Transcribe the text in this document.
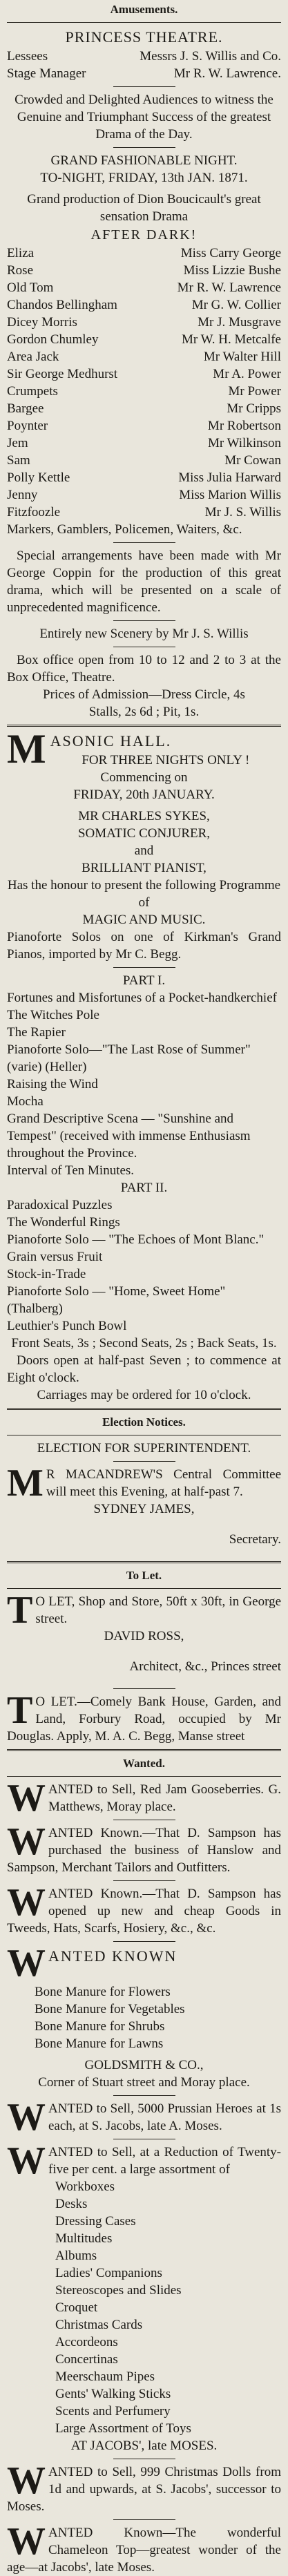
Amusements.

PRINCESS THEATRE.

Lessees		Messrs J. S. Willis and Co.
Stage Manager		Mr R. W. Lawrence.

Crowded and Delighted Audiences to witness the Genuine and Triumphant Success of the greatest Drama of the Day.

GRAND FASHIONABLE NIGHT.

TO-NIGHT, FRIDAY, 13th JAN. 1871.

Grand production of Dion Boucicault's great sensation Drama

AFTER DARK!

Eliza		Miss Carry George
Rose		Miss Lizzie Bushe
Old Tom		Mr R. W. Lawrence
Chandos Bellingham		Mr G. W. Collier
Dicey Morris		Mr J. Musgrave
Gordon Chumley		Mr W. H. Metcalfe
Area Jack		Mr Walter Hill
Sir George Medhurst		Mr A. Power
Crumpets		Mr Power
Bargee		Mr Cripps
Poynter		Mr Robertson
Jem		Mr Wilkinson
Sam		Mr Cowan
Polly Kettle		Miss Julia Harward
Jenny		Miss Marion Willis
Fitzfoozle		Mr J. S. Willis

Markers, Gamblers, Policemen, Waiters, &c.

Special arrangements have been made with Mr George Coppin for the production of this great drama, which will be presented on a scale of unprecedented magnificence.

Entirely new Scenery by Mr J. S. Willis

Box office open from 10 to 12 and 2 to 3 at the Box Office, Theatre.

Prices of Admission—Dress Circle, 4s

Stalls, 2s 6d ; Pit, 1s.

M ASONIC HALL.

FOR THREE NIGHTS ONLY !

Commencing on

FRIDAY, 20th JANUARY.

MR CHARLES SYKES,

SOMATIC CONJURER,

and

BRILLIANT PIANIST,

Has the honour to present the following Programme of

MAGIC AND MUSIC.

Pianoforte Solos on one of Kirkman's Grand Pianos, imported by Mr C. Begg.

PART I.

Fortunes and Misfortunes of a Pocket-handkerchief

The Witches Pole

The Rapier

Pianoforte Solo—"The Last Rose of Summer" (varie) (Heller)

Raising the Wind

Mocha

Grand Descriptive Scena — "Sunshine and Tempest" (received with immense Enthusiasm throughout the Province.

Interval of Ten Minutes.

PART II.

Paradoxical Puzzles

The Wonderful Rings

Pianoforte Solo — "The Echoes of Mont Blanc."

Grain versus Fruit

Stock-in-Trade

Pianoforte Solo — "Home, Sweet Home" (Thalberg)

Leuthier's Punch Bowl

Front Seats, 3s ; Second Seats, 2s ; Back Seats, 1s.

Doors open at half-past Seven ; to commence at Eight o'clock.

Carriages may be ordered for 10 o'clock.

Election Notices.

ELECTION FOR SUPERINTENDENT.

M R MACANDREW'S Central Committee will meet this Evening, at half-past 7.

SYDNEY JAMES,

Secretary.

To Let.
T O LET, Shop and Store, 50ft x 30ft, in George street.

DAVID ROSS,

Architect, &c., Princes street

T O LET.—Comely Bank House, Garden, and Land, Forbury Road, occupied by Mr Douglas. Apply, M. A. C. Begg, Manse street

Wanted.
W ANTED to Sell, Red Jam Gooseberries. G. Matthews, Moray place.

W ANTED Known.—That D. Sampson has purchased the business of Hanslow and Sampson, Merchant Tailors and Outfitters.

W ANTED Known.—That D. Sampson has opened up new and cheap Goods in Tweeds, Hats, Scarfs, Hosiery, &c., &c.

W ANTED KNOWN

Bone Manure for Flowers
Bone Manure for Vegetables
Bone Manure for Shrubs
Bone Manure for Lawns

GOLDSMITH & CO.,

Corner of Stuart street and Moray place.

W ANTED to Sell, 5000 Prussian Heroes at 1s each, at S. Jacobs, late A. Moses.

W ANTED to Sell, at a Reduction of Twenty-five per cent. a large assortment of

Workboxes
Desks
Dressing Cases
Multitudes
Albums
Ladies' Companions
Stereoscopes and Slides
Croquet
Christmas Cards
Accordeons
Concertinas
Meerschaum Pipes
Gents' Walking Sticks
Scents and Perfumery
Large Assortment of Toys

AT JACOBS', late MOSES.

W ANTED to Sell, 999 Christmas Dolls from 1d and upwards, at S. Jacobs', successor to Moses.

W ANTED Known—The wonderful Chameleon Top—greatest wonder of the age—at Jacobs', late Moses.
